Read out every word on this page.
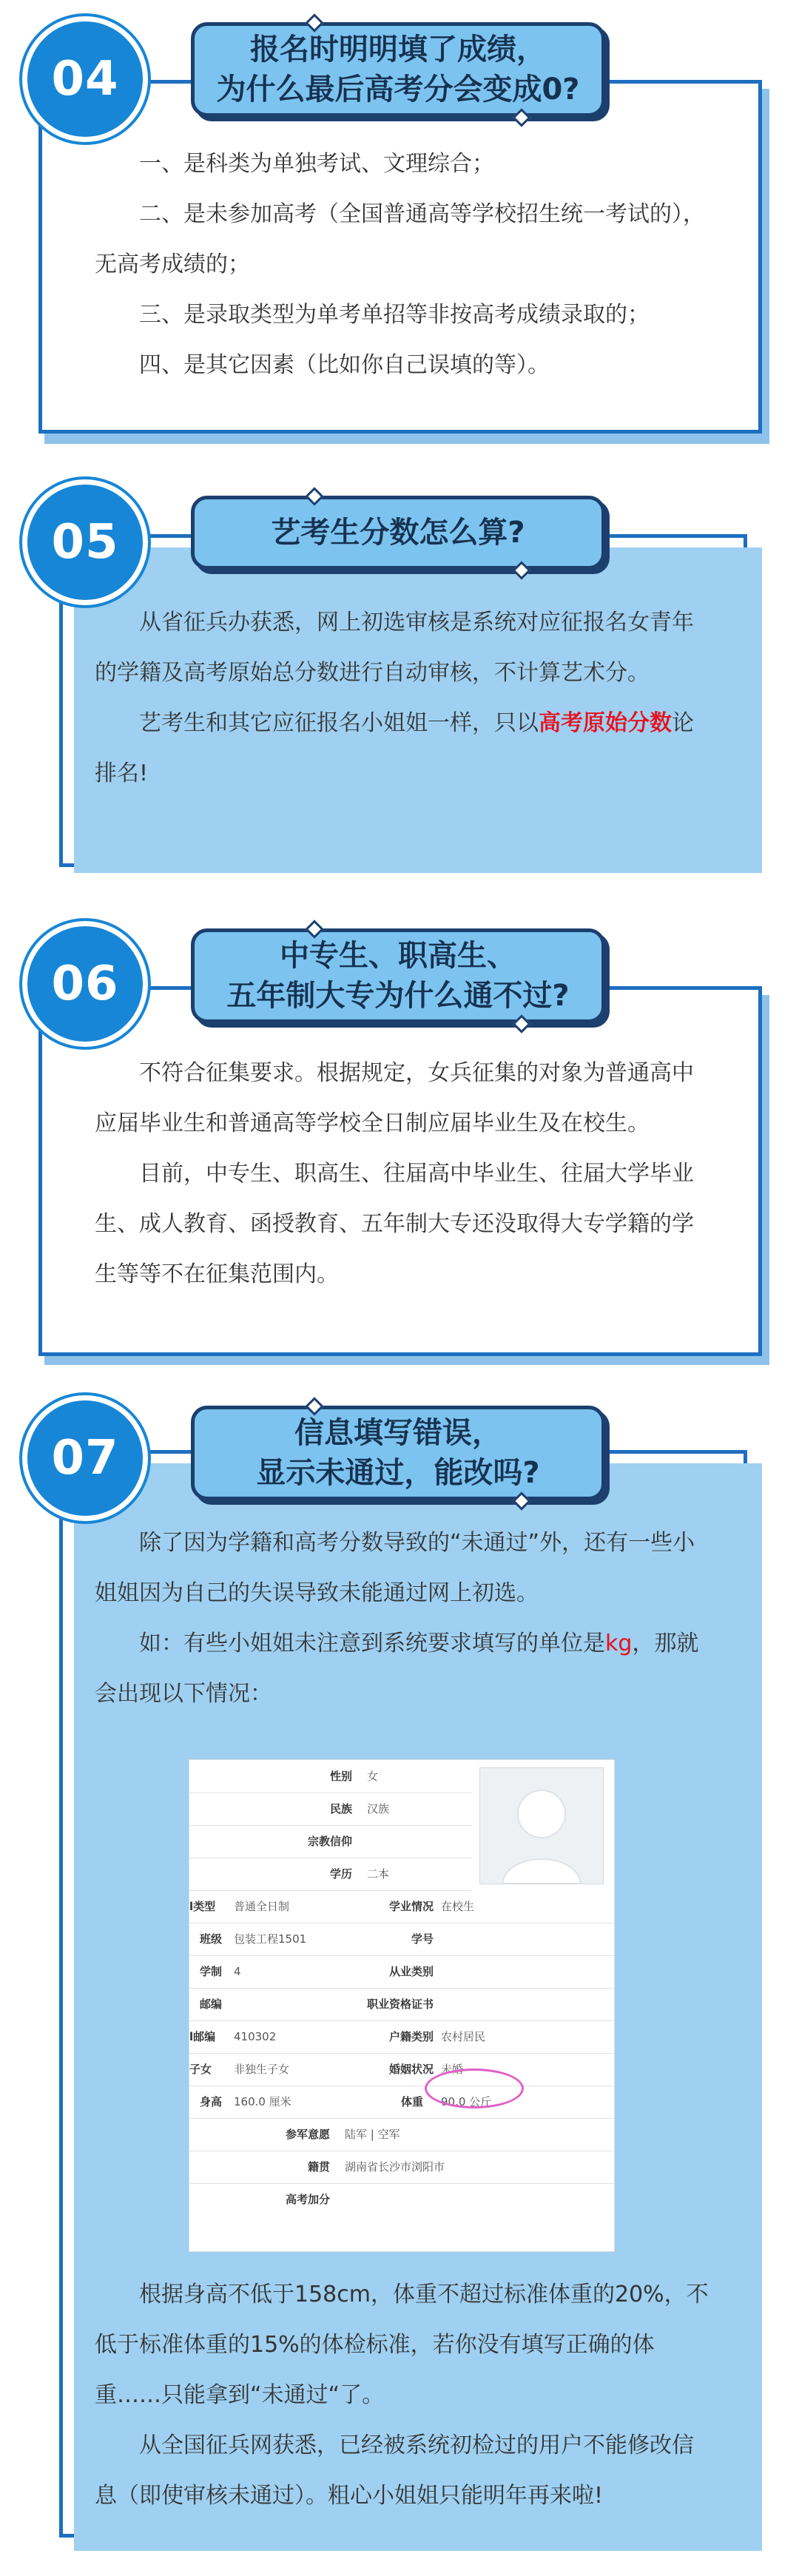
报名时明明填了成绩，
为什么最后高考分会变成0?
04

一、是科类为单独考试、文理综合；

二、是未参加高考（全国普通高等学校招生统一考试的），无高考成绩的；

三、是录取类型为单考单招等非按高考成绩录取的；

四、是其它因素（比如你自己误填的等）。

艺考生分数怎么算?
05

从省征兵办获悉，网上初选审核是系统对应征报名女青年的学籍及高考原始总分数进行自动审核，不计算艺术分。

艺考生和其它应征报名小姐姐一样，只以高考原始分数论排名!

中专生、职高生、
五年制大专为什么通不过?
06

不符合征集要求。根据规定，女兵征集的对象为普通高中应届毕业生和普通高等学校全日制应届毕业生及在校生。

目前，中专生、职高生、往届高中毕业生、往届大学毕业生、成人教育、函授教育、五年制大专还没取得大专学籍的学生等等不在征集范围内。

信息填写错误，
显示未通过，能改吗?
07

除了因为学籍和高考分数导致的“未通过”外，还有一些小姐姐因为自己的失误导致未能通过网上初选。

如：有些小姐姐未注意到系统要求填写的单位是kg，那就会出现以下情况：

根据身高不低于158cm，体重不超过标准体重的20%，不低于标准体重的15%的体检标准，若你没有填写正确的体重……只能拿到“未通过“了。

从全国征兵网获悉，已经被系统初检过的用户不能修改信息（即使审核未通过）。粗心小姐姐只能明年再来啦!

性别 女
民族 汉族
宗教信仰
学历 二本
l类型 普通全日制	学业情况 在校生
班级 包装工程1501	学号
学制 4	从业类别
邮编	职业资格证书
l邮编 410302	户籍类别 农村居民
子女 非独生子女	婚姻状况 未婚
身高 160.0 厘米	体重 90.0 公斤
参军意愿 陆军 | 空军
籍贯 湖南省长沙市浏阳市
高考加分
